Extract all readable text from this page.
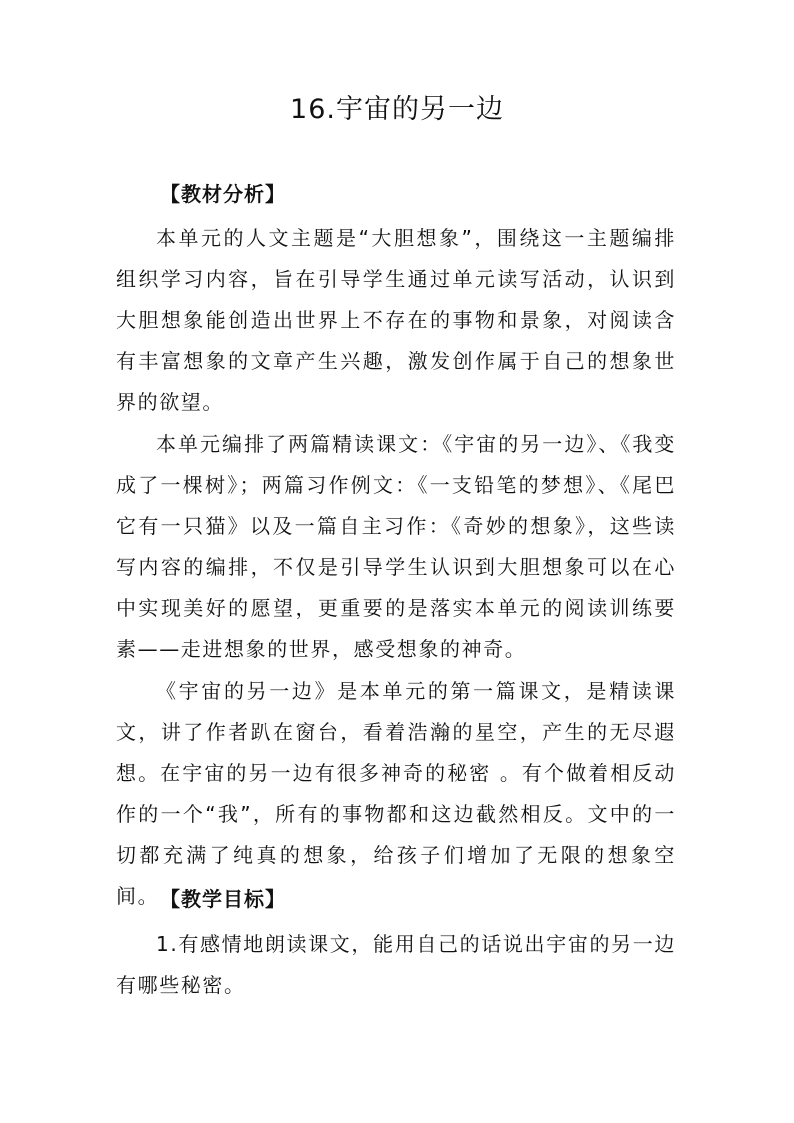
16.宇宙的另一边
【教材分析】

本单元的人文主题是“大胆想象”，围绕这一主题编排组织学习内容，旨在引导学生通过单元读写活动，认识到大胆想象能创造出世界上不存在的事物和景象，对阅读含有丰富想象的文章产生兴趣，激发创作属于自己的想象世界的欲望。

本单元编排了两篇精读课文：《宇宙的另一边》、《我变成了一棵树》；两篇习作例文：《一支铅笔的梦想》、《尾巴它有一只猫》以及一篇自主习作：《奇妙的想象》，这些读写内容的编排，不仅是引导学生认识到大胆想象可以在心中实现美好的愿望，更重要的是落实本单元的阅读训练要素——走进想象的世界，感受想象的神奇。

《宇宙的另一边》是本单元的第一篇课文，是精读课文，讲了作者趴在窗台，看着浩瀚的星空，产生的无尽遐想。在宇宙的另一边有很多神奇的秘密 。有个做着相反动作的一个“我”，所有的事物都和这边截然相反。文中的一切都充满了纯真的想象，给孩子们增加了无限的想象空间。 【教学目标】

1.有感情地朗读课文，能用自己的话说出宇宙的另一边有哪些秘密。
